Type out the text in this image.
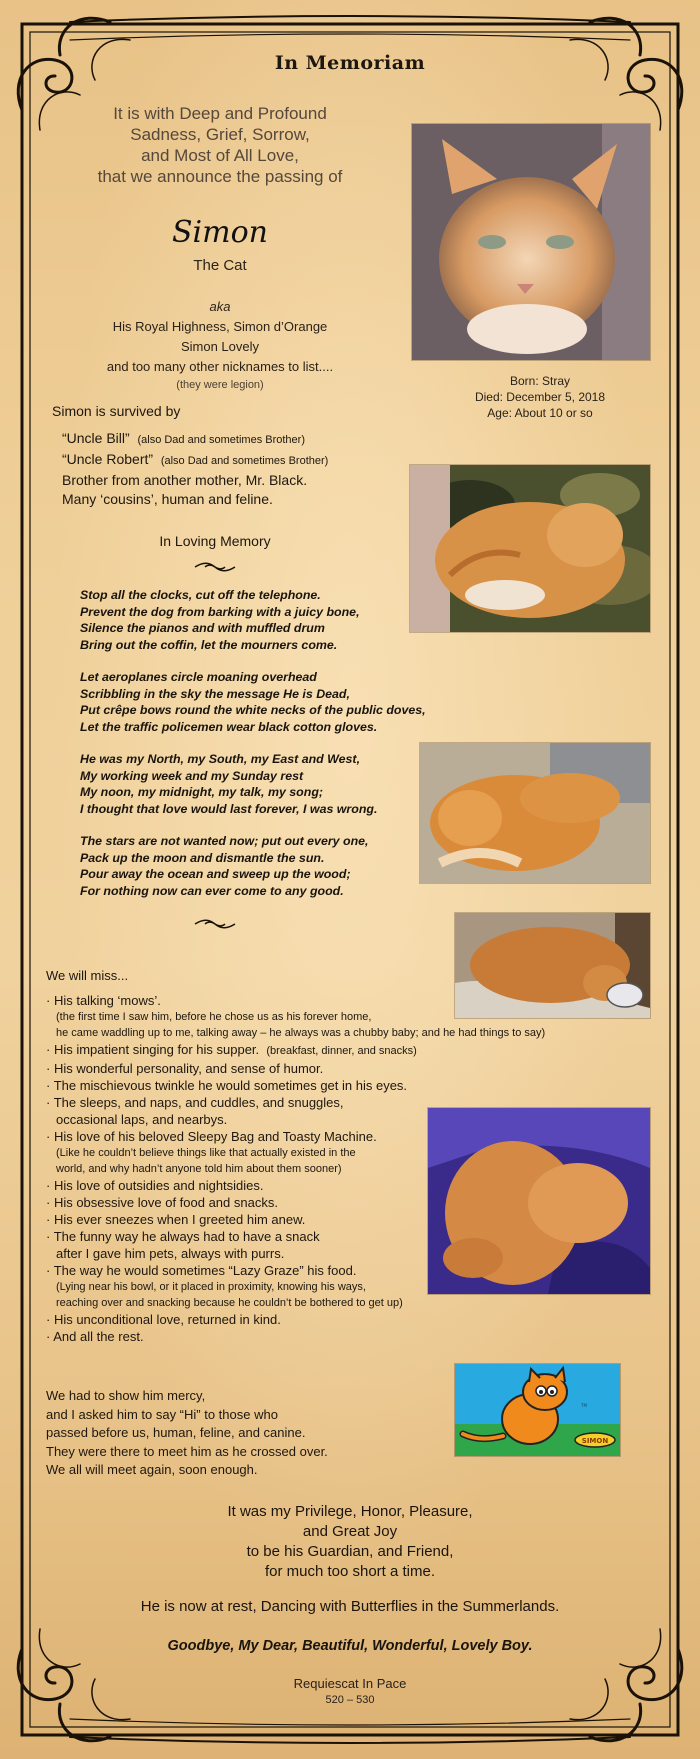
In Memoriam
It is with Deep and Profound
Sadness, Grief, Sorrow,
and Most of All Love,
that we announce the passing of
Simon
The Cat
aka
His Royal Highness, Simon d’Orange
Simon Lovely
and too many other nicknames to list....
(they were legion)	Born: Stray
Died: December 5, 2018
Age: About 10 or so
Simon is survived by
“Uncle Bill” (also Dad and sometimes Brother)
“Uncle Robert” (also Dad and sometimes Brother)
Brother from another mother, Mr. Black.
Many ‘cousins’, human and feline.
In Loving Memory

Stop all the clocks, cut off the telephone.
Prevent the dog from barking with a juicy bone,
Silence the pianos and with muffled drum
Bring out the coffin, let the mourners come.

Let aeroplanes circle moaning overhead
Scribbling in the sky the message He is Dead,
Put crêpe bows round the white necks of the public doves,
Let the traffic policemen wear black cotton gloves.

He was my North, my South, my East and West,
My working week and my Sunday rest
My noon, my midnight, my talk, my song;
I thought that love would last forever, I was wrong.

The stars are not wanted now; put out every one,
Pack up the moon and dismantle the sun.
Pour away the ocean and sweep up the wood;
For nothing now can ever come to any good.

We will miss...
· His talking ‘mows’.
(the first time I saw him, before he chose us as his forever home,
he came waddling up to me, talking away – he always was a chubby baby; and he had things to say)
· His impatient singing for his supper. (breakfast, dinner, and snacks)
· His wonderful personality, and sense of humor.
· The mischievous twinkle he would sometimes get in his eyes.
· The sleeps, and naps, and cuddles, and snuggles,
occasional laps, and nearbys.
· His love of his beloved Sleepy Bag and Toasty Machine.
(Like he couldn’t believe things like that actually existed in the
world, and why hadn’t anyone told him about them sooner)
· His love of outsidies and nightsidies.
· His obsessive love of food and snacks.
· His ever sneezes when I greeted him anew.
· The funny way he always had to have a snack
after I gave him pets, always with purrs.
· The way he would sometimes “Lazy Graze” his food.
(Lying near his bowl, or it placed in proximity, knowing his ways,
reaching over and snacking because he couldn’t be bothered to get up)
· His unconditional love, returned in kind.
· And all the rest.
We had to show him mercy,
and I asked him to say “Hi” to those who
passed before us, human, feline, and canine.
They were there to meet him as he crossed over.
We all will meet again, soon enough.
SIMON
TM
It was my Privilege, Honor, Pleasure,
and Great Joy
to be his Guardian, and Friend,
for much too short a time.
He is now at rest, Dancing with Butterflies in the Summerlands.
Goodbye, My Dear, Beautiful, Wonderful, Lovely Boy.
Requiescat In Pace
520 – 530
